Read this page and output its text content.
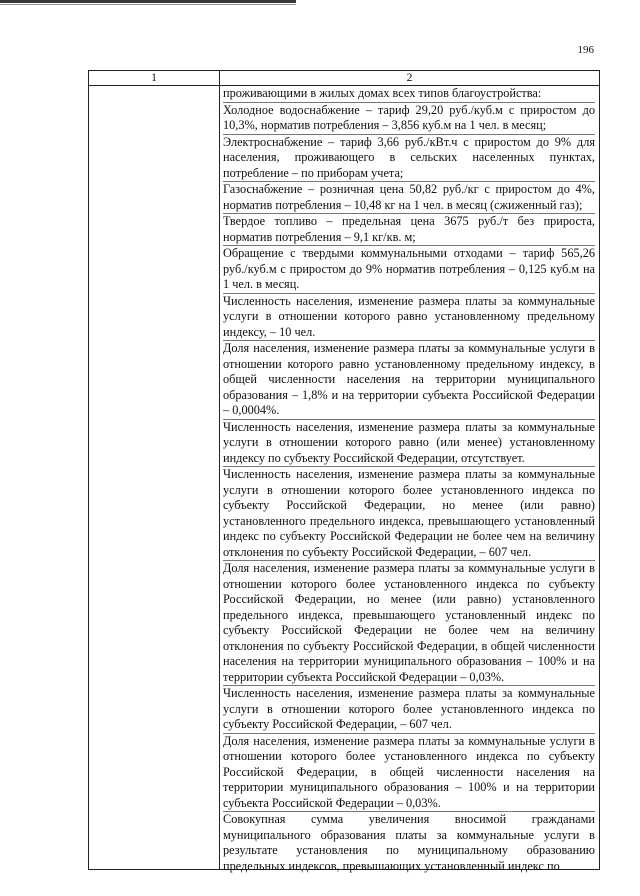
196
1	2

проживающими в жилых домах всех типов благоустройства:

Холодное водоснабжение – тариф 29,20 руб./куб.м с приростом до 10,3%, норматив потребления – 3,856 куб.м на 1 чел. в месяц;

Электроснабжение – тариф 3,66 руб./кВт.ч с приростом до 9% для населения, проживающего в сельских населенных пунктах, потребление – по приборам учета;

Газоснабжение – розничная цена 50,82 руб./кг с приростом до 4%, норматив потребления – 10,48 кг на 1 чел. в месяц (сжиженный газ);

Твердое топливо – предельная цена 3675 руб./т без прироста, норматив потребления – 9,1 кг/кв. м;

Обращение с твердыми коммунальными отходами – тариф 565,26 руб./куб.м с приростом до 9% норматив потребления – 0,125 куб.м на 1 чел. в месяц.

Численность населения, изменение размера платы за коммунальные услуги в отношении которого равно установленному предельному индексу, – 10 чел.

Доля населения, изменение размера платы за коммунальные услуги в отношении которого равно установленному предельному индексу, в общей численности населения на территории муниципального образования – 1,8% и на территории субъекта Российской Федерации – 0,0004%.

Численность населения, изменение размера платы за коммунальные услуги в отношении которого равно (или менее) установленному индексу по субъекту Российской Федерации, отсутствует.

Численность населения, изменение размера платы за коммунальные услуги в отношении которого более установленного индекса по субъекту Российской Федерации, но менее (или равно) установленного предельного индекса, превышающего установленный индекс по субъекту Российской Федерации не более чем на величину отклонения по субъекту Российской Федерации, – 607 чел.

Доля населения, изменение размера платы за коммунальные услуги в отношении которого более установленного индекса по субъекту Российской Федерации, но менее (или равно) установленного предельного индекса, превышающего установленный индекс по субъекту Российской Федерации не более чем на величину отклонения по субъекту Российской Федерации, в общей численности населения на территории муниципального образования – 100% и на территории субъекта Российской Федерации – 0,03%.

Численность населения, изменение размера платы за коммунальные услуги в отношении которого более установленного индекса по субъекту Российской Федерации, – 607 чел.

Доля населения, изменение размера платы за коммунальные услуги в отношении которого более установленного индекса по субъекту Российской Федерации, в общей численности населения на территории муниципального образования – 100% и на территории субъекта Российской Федерации – 0,03%.

Совокупная сумма увеличения вносимой гражданами муниципального образования платы за коммунальные услуги в результате установления по муниципальному образованию предельных индексов, превышающих установленный индекс по
